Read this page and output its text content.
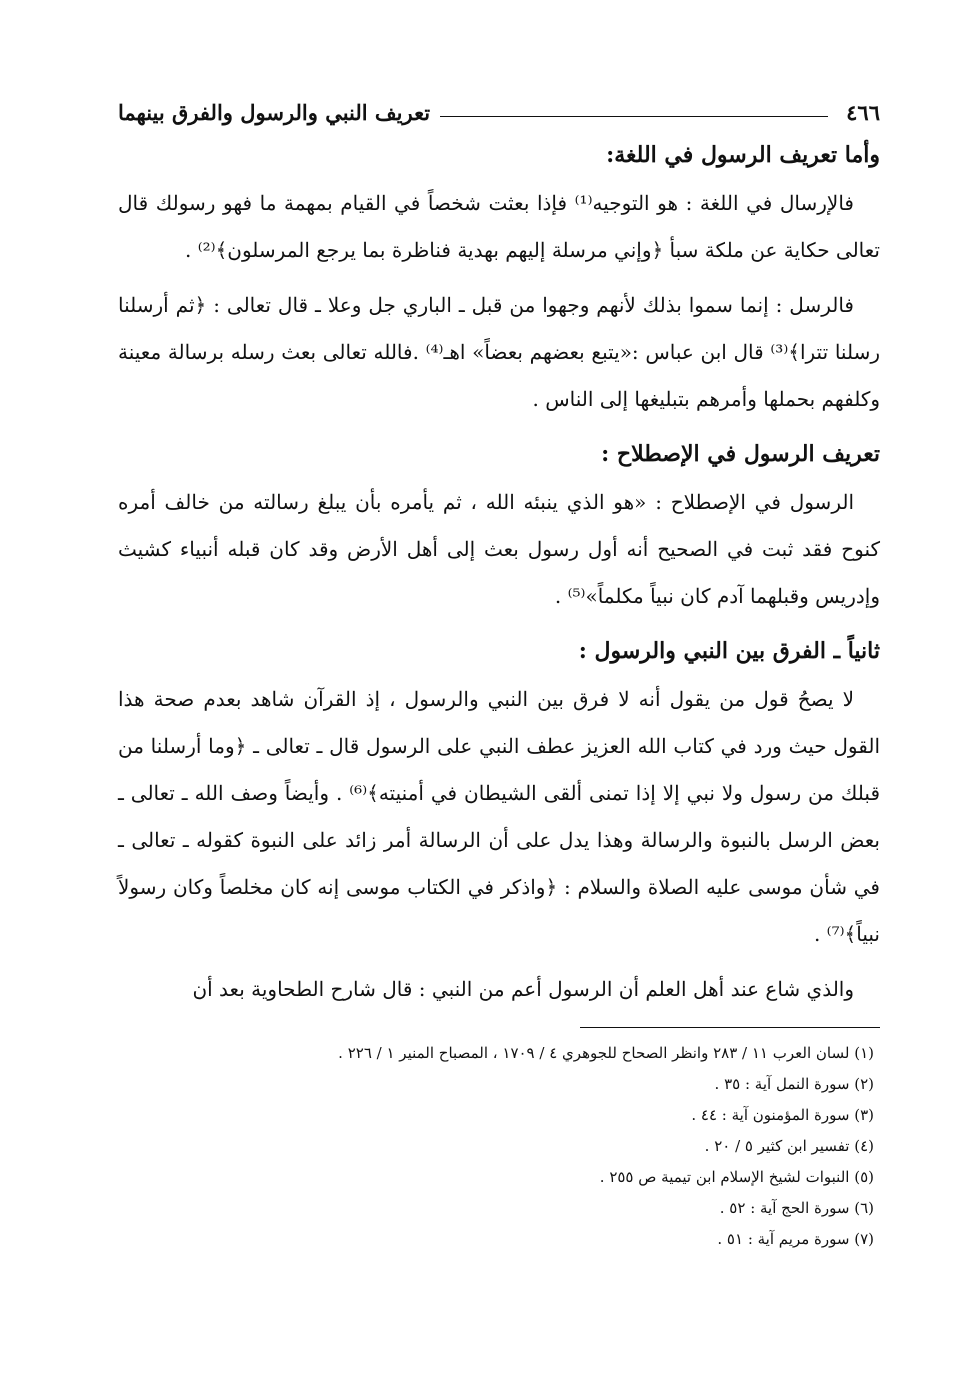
٤٦٦
تعريف النبي والرسول والفرق بينهما
وأما تعريف الرسول في اللغة:

فالإرسال في اللغة : هو التوجيه⁽¹⁾ فإذا بعثت شخصاً في القيام بمهمة ما فهو رسولك قال تعالى حكاية عن ملكة سبأ ﴿وإني مرسلة إليهم بهدية فناظرة بما يرجع المرسلون﴾⁽²⁾ .

فالرسل : إنما سموا بذلك لأنهم وجهوا من قبل ـ الباري جل وعلا ـ قال تعالى : ﴿ثم أرسلنا رسلنا تترا﴾⁽³⁾ قال ابن عباس :«يتبع بعضهم بعضاً» اهـ⁽⁴⁾ .فالله تعالى بعث رسله برسالة معينة وكلفهم بحملها وأمرهم بتبليغها إلى الناس .

تعريف الرسول في الإصطلاح :

الرسول في الإصطلاح : «هو الذي ينبئه الله ، ثم يأمره بأن يبلغ رسالته من خالف أمره كنوح فقد ثبت في الصحيح أنه أول رسول بعث إلى أهل الأرض وقد كان قبله أنبياء كشيث وإدريس وقبلهما آدم كان نبياً مكلماً»⁽⁵⁾ .

ثانياً ـ الفرق بين النبي والرسول :

لا يصحُ قول من يقول أنه لا فرق بين النبي والرسول ، إذ القرآن شاهد بعدم صحة هذا القول حيث ورد في كتاب الله العزيز عطف النبي على الرسول قال ـ تعالى ـ ﴿وما أرسلنا من قبلك من رسول ولا نبي إلا إذا تمنى ألقى الشيطان في أمنيته﴾⁽⁶⁾ . وأيضاً وصف الله ـ تعالى ـ بعض الرسل بالنبوة والرسالة وهذا يدل على أن الرسالة أمر زائد على النبوة كقوله ـ تعالى ـ في شأن موسى عليه الصلاة والسلام : ﴿واذكر في الكتاب موسى إنه كان مخلصاً وكان رسولاً نبياً﴾⁽⁷⁾ .

والذي شاع عند أهل العلم أن الرسول أعم من النبي : قال شارح الطحاوية بعد أن

(١) لسان العرب ١١ / ٢٨٣ وانظر الصحاح للجوهري ٤ / ١٧٠٩ ، المصباح المنير ١ / ٢٢٦ .
(٢) سورة النمل آية : ٣٥ .
(٣) سورة المؤمنون آية : ٤٤ .
(٤) تفسير ابن كثير ٥ / ٢٠ .
(٥) النبوات لشيخ الإسلام ابن تيمية ص ٢٥٥ .
(٦) سورة الحج آية : ٥٢ .
(٧) سورة مريم آية : ٥١ .
